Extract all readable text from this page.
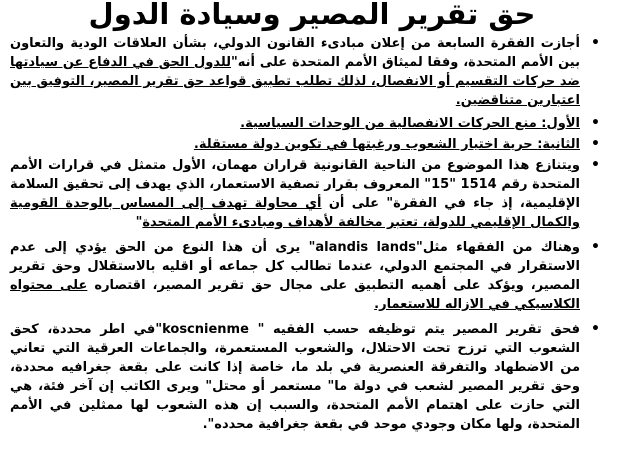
حق تقرير المصير وسيادة الدول
•
أجازت الفقرة السابعة من إعلان مبادىء القانون الدولي، بشأن العلاقات الودية والتعاون بين الأمم المتحدة، وفقا لميثاق الأمم المتحدة على أنه"للدول الحق في الدفاع عن سيادتها ضد حركات التقسيم أو الانفصال، لذلك تطلب تطبيق قواعد حق تقرير المصير، التوفيق بين اعتبارين متناقضين.
•
الأول: منع الحركات الانفصالية من الوحدات السياسية.
•
الثانية: حرية اختيار الشعوب ورغبتها في تكوين دولة مستقلة.
•
ويتنازع هذا الموضوع من الناحية القانونية قراران مهمان، الأول متمثل في قرارات الأمم المتحدة رقم 1514 "15" المعروف بقرار تصفية الاستعمار، الذي يهدف إلى تحقيق السلامة الإقليمية، إذ جاء في الفقرة" على أن أي محاولة تهدف إلى المساس بالوحدة القومية والكمال الإقليمي للدولة، تعتبر مخالفة لأهداف ومبادىء الأمم المتحدة"
•
وهناك من الفقهاء مثل"alandis lands" يرى أن هذا النوع من الحق يؤدي إلى عدم الاستقرار في المجتمع الدولي، عندما تطالب كل جماعه أو اقليه بالاستقلال وحق تقرير المصير، ويؤكد على أهميه التطبيق على مجال حق تقرير المصير، اقتصاره على محتواه الكلاسيكي في الازاله للاستعمار.
•
فحق تقرير المصير يتم توظيفه حسب الفقيه " koscnienme"في اطر محددة، كحق الشعوب التي ترزح تحت الاحتلال، والشعوب المستعمرة، والجماعات العرقية التي تعاني من الاضطهاد والتفرقة العنصرية في بلد ما، خاصة إذا كانت على بقعة جغرافيه محددة، وحق تقرير المصير لشعب في دولة ما" مستعمر أو محتل" ويرى الكاتب إن آخر فئة، هي التي حازت على اهتمام الأمم المتحدة، والسبب إن هذه الشعوب لها ممثلين في الأمم المتحدة، ولها مكان وجودي موحد في بقعة جغرافية محدده".
